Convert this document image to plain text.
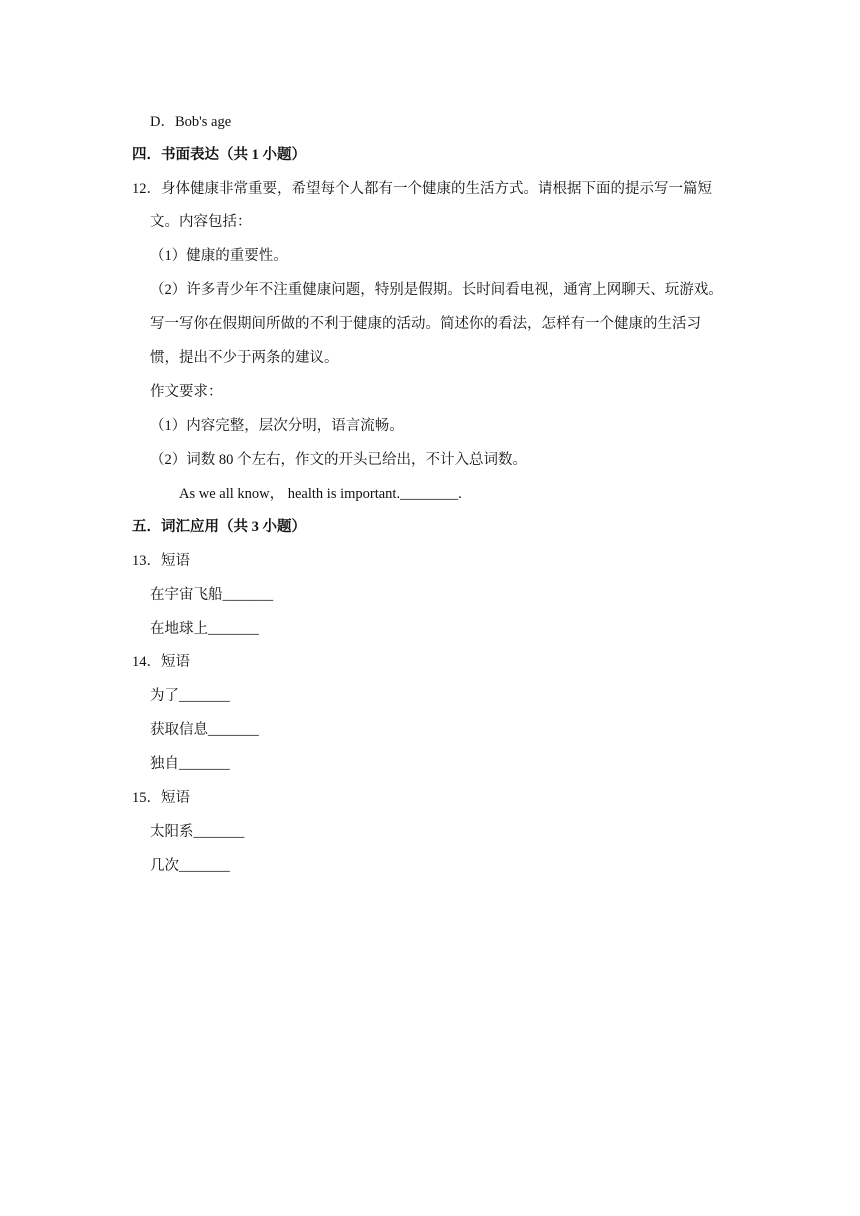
D．Bob's age
四．书面表达（共 1 小题）
12．身体健康非常重要，希望每个人都有一个健康的生活方式。请根据下面的提示写一篇短
文。内容包括：
（1）健康的重要性。
（2）许多青少年不注重健康问题，特别是假期。长时间看电视，通宵上网聊天、玩游戏。
写一写你在假期间所做的不利于健康的活动。简述你的看法，怎样有一个健康的生活习
惯，提出不少于两条的建议。
作文要求：
（1）内容完整，层次分明，语言流畅。
（2）词数 80 个左右，作文的开头已给出，不计入总词数。
As we all know， health is important.________.
五．词汇应用（共 3 小题）
13．短语
在宇宙飞船_______
在地球上_______
14．短语
为了_______
获取信息_______
独自_______
15．短语
太阳系_______
几次_______
